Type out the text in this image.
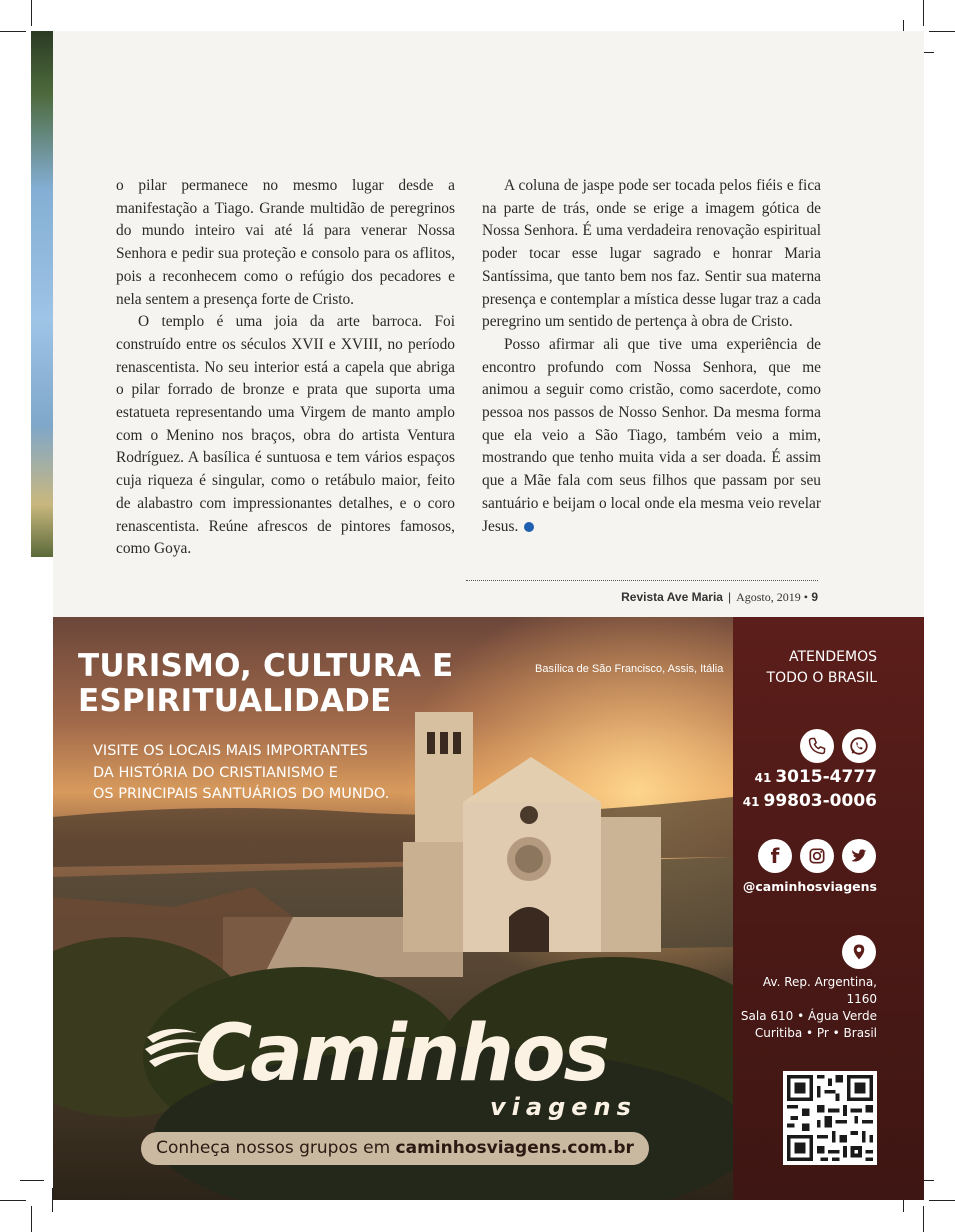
o pilar permanece no mesmo lugar desde a manifestação a Tiago. Grande multidão de peregrinos do mundo inteiro vai até lá para venerar Nossa Senhora e pedir sua proteção e consolo para os aflitos, pois a reconhecem como o refúgio dos pecadores e nela sentem a presença forte de Cristo.

O templo é uma joia da arte barroca. Foi construído entre os séculos XVII e XVIII, no período renascentista. No seu interior está a capela que abriga o pilar forrado de bronze e prata que suporta uma estatueta representando uma Virgem de manto amplo com o Menino nos braços, obra do artista Ventura Rodríguez. A basílica é suntuosa e tem vários espaços cuja riqueza é singular, como o retábulo maior, feito de alabastro com impressionantes detalhes, e o coro renascentista. Reúne afrescos de pintores famosos, como Goya.

A coluna de jaspe pode ser tocada pelos fiéis e fica na parte de trás, onde se erige a imagem gótica de Nossa Senhora. É uma verdadeira renovação espiritual poder tocar esse lugar sagrado e honrar Maria Santíssima, que tanto bem nos faz. Sentir sua materna presença e contemplar a mística desse lugar traz a cada peregrino um sentido de pertença à obra de Cristo.

Posso afirmar ali que tive uma experiência de encontro profundo com Nossa Senhora, que me animou a seguir como cristão, como sacerdote, como pessoa nos passos de Nosso Senhor. Da mesma forma que ela veio a São Tiago, também veio a mim, mostrando que tenho muita vida a ser doada. É assim que a Mãe fala com seus filhos que passam por seu santuário e beijam o local onde ela mesma veio revelar Jesus.

Revista Ave Maria | Agosto, 2019 • 9
TURISMO, CULTURA E
ESPIRITUALIDADE
VISITE OS LOCAIS MAIS IMPORTANTES
DA HISTÓRIA DO CRISTIANISMO E
OS PRINCIPAIS SANTUÁRIOS DO MUNDO.
Basílica de São Francisco, Assis, Itália
Caminhos
viagens
Conheça nossos grupos em caminhosviagens.com.br
ATENDEMOS
TODO O BRASIL
41 3015-4777
41 99803-0006
f
@caminhosviagens
Av. Rep. Argentina, 1160
Sala 610 • Água Verde
Curitiba • Pr • Brasil
